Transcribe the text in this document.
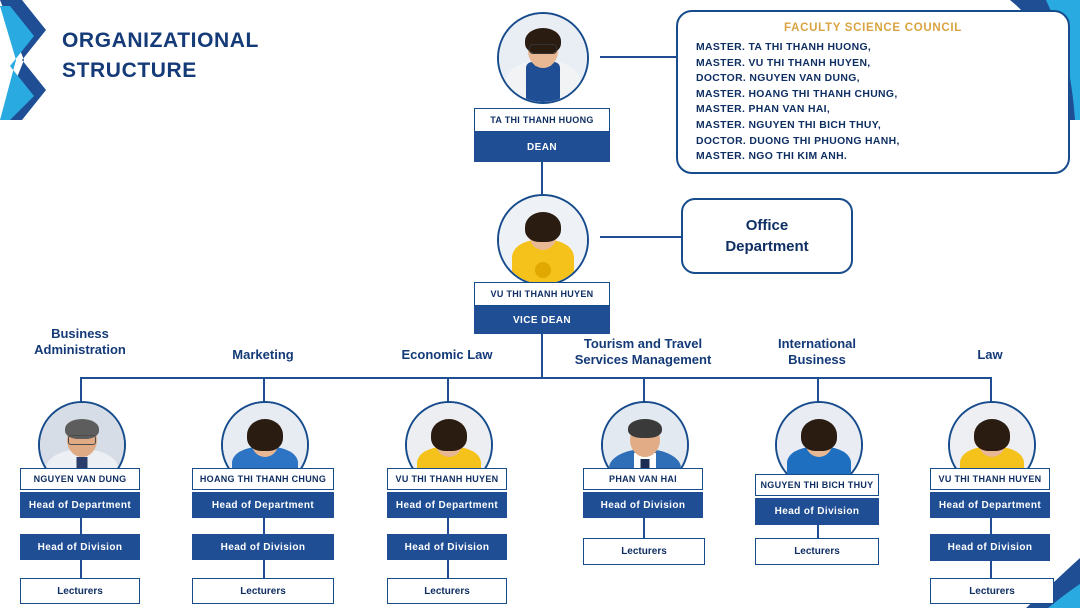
ORGANIZATIONAL
STRUCTURE
FACULTY SCIENCE COUNCIL
MASTER. TA THI THANH HUONG,
MASTER. VU THI THANH HUYEN,
DOCTOR. NGUYEN VAN DUNG,
MASTER. HOANG THI THANH CHUNG,
MASTER. PHAN VAN HAI,
MASTER. NGUYEN THI BICH THUY,
DOCTOR. DUONG THI PHUONG HANH,
MASTER. NGO THI KIM ANH.
TA THI THANH HUONG
DEAN
Office
Department
VU THI THANH HUYEN
VICE DEAN
Business
Administration
NGUYEN VAN DUNG
Head of Department
Head of Division
Lecturers
Marketing
HOANG THI THANH CHUNG
Head of Department
Head of Division
Lecturers
Economic Law
VU THI THANH HUYEN
Head of Department
Head of Division
Lecturers
Tourism and Travel
Services Management
PHAN VAN HAI
Head of Division
Lecturers
International
Business
NGUYEN THI BICH THUY
Head of Division
Lecturers
Law
VU THI THANH HUYEN
Head of Department
Head of Division
Lecturers
